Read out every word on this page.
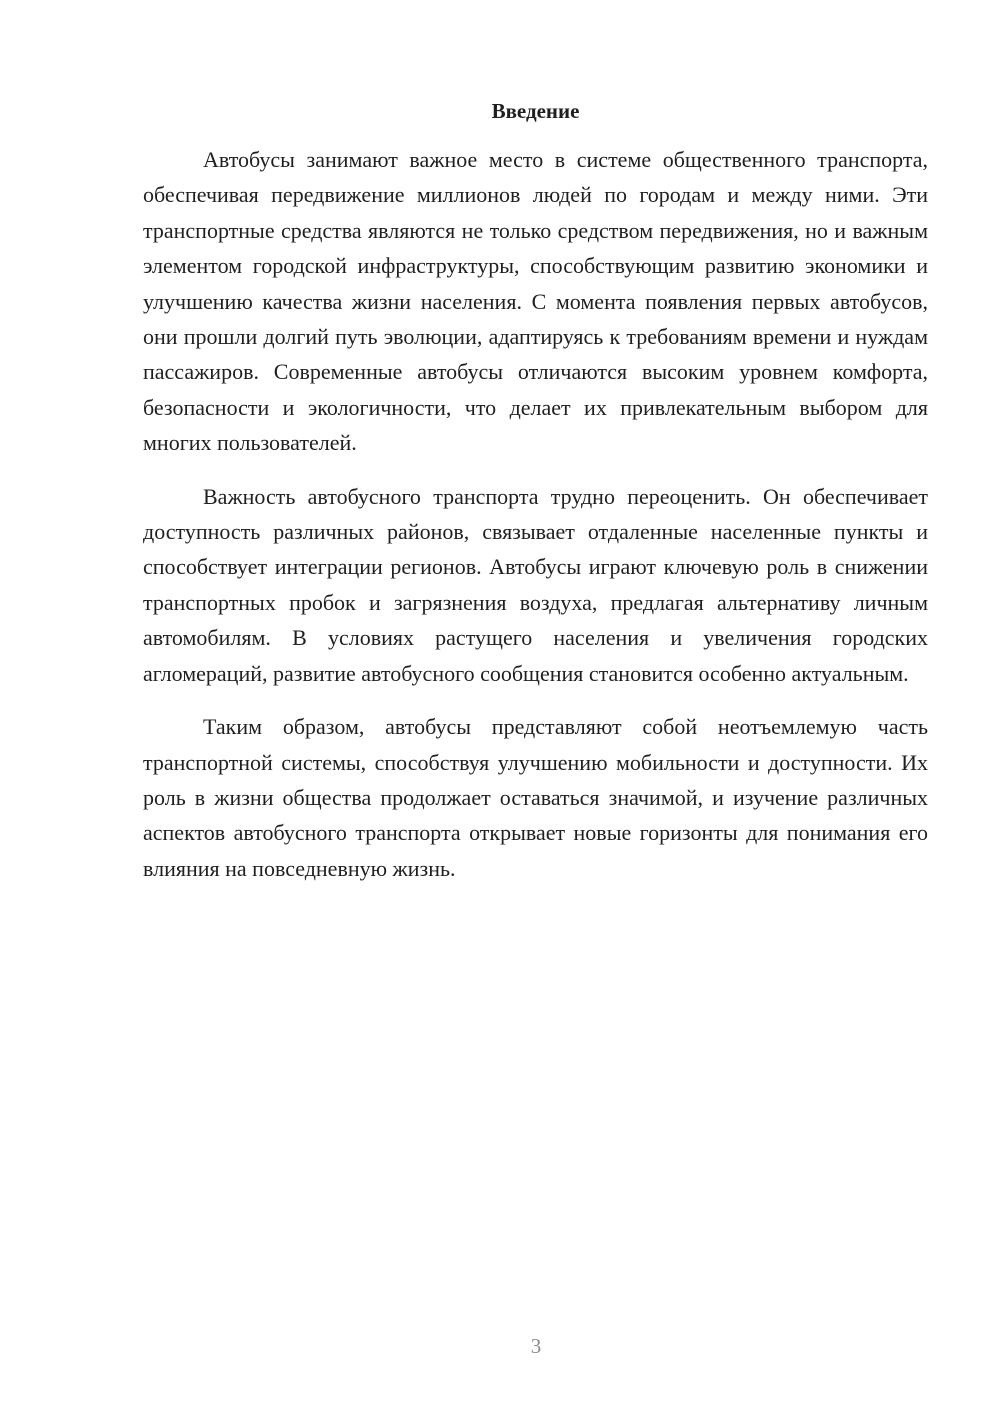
Введение

Автобусы занимают важное место в системе общественного транспорта, обеспечивая передвижение миллионов людей по городам и между ними. Эти транспортные средства являются не только средством передвижения, но и важным элементом городской инфраструктуры, способствующим развитию экономики и улучшению качества жизни населения. С момента появления первых автобусов, они прошли долгий путь эволюции, адаптируясь к требованиям времени и нуждам пассажиров. Современные автобусы отличаются высоким уровнем комфорта, безопасности и экологичности, что делает их привлекательным выбором для многих пользователей.

Важность автобусного транспорта трудно переоценить. Он обеспечивает доступность различных районов, связывает отдаленные населенные пункты и способствует интеграции регионов. Автобусы играют ключевую роль в снижении транспортных пробок и загрязнения воздуха, предлагая альтернативу личным автомобилям. В условиях растущего населения и увеличения городских агломераций, развитие автобусного сообщения становится особенно актуальным.

Таким образом, автобусы представляют собой неотъемлемую часть транспортной системы, способствуя улучшению мобильности и доступности. Их роль в жизни общества продолжает оставаться значимой, и изучение различных аспектов автобусного транспорта открывает новые горизонты для понимания его влияния на повседневную жизнь.

3
